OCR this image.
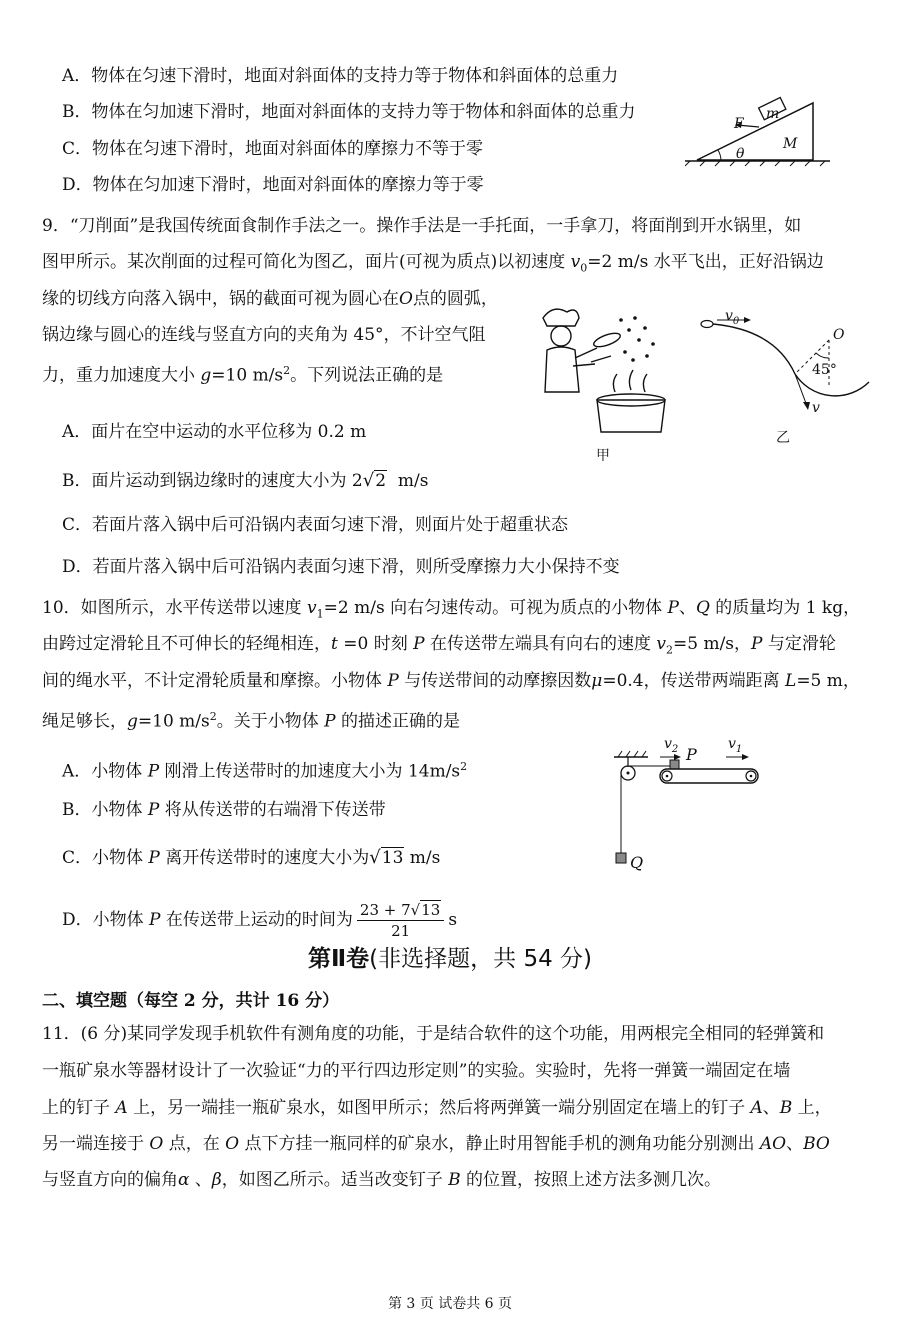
A．物体在匀速下滑时，地面对斜面体的支持力等于物体和斜面体的总重力
B．物体在匀加速下滑时，地面对斜面体的支持力等于物体和斜面体的总重力
C．物体在匀速下滑时，地面对斜面体的摩擦力不等于零
D．物体在匀加速下滑时，地面对斜面体的摩擦力等于零
F
m
M
θ
9．“刀削面”是我国传统面食制作手法之一。操作手法是一手托面，一手拿刀，将面削到开水锅里，如
图甲所示。某次削面的过程可简化为图乙，面片(可视为质点)以初速度 $v_0=2$ m/s 水平飞出，正好沿锅边
缘的切线方向落入锅中，锅的截面可视为圆心在O点的圆弧，
锅边缘与圆心的连线与竖直方向的夹角为 45°，不计空气阻
力，重力加速度大小 g=10 $m/s^2$。下列说法正确的是
A．面片在空中运动的水平位移为 0.2 m
B．面片运动到锅边缘时的速度大小为 2√2 m/s
C．若面片落入锅中后可沿锅内表面匀速下滑，则面片处于超重状态
D．若面片落入锅中后可沿锅内表面匀速下滑，则所受摩擦力大小保持不变
甲
$v_0$
O
45°
v
乙
10．如图所示，水平传送带以速度 $v_1=2$ m/s 向右匀速传动。可视为质点的小物体 P、Q 的质量均为 1 kg，
由跨过定滑轮且不可伸长的轻绳相连，t =0 时刻 P 在传送带左端具有向右的速度 $v_2=5$ m/s，P 与定滑轮
间的绳水平，不计定滑轮质量和摩擦。小物体 P 与传送带间的动摩擦因数μ=0.4，传送带两端距离 L=5 m，
绳足够长，g=10 $m/s^2$。关于小物体 P 的描述正确的是
A．小物体 P 刚滑上传送带时的加速度大小为 $14m/s^2$
B．小物体 P 将从传送带的右端滑下传送带
C．小物体 P 离开传送带时的速度大小为√13 m/s
D．小物体 P 在传送带上运动的时间为 $\frac{23 + 7√13}{21}$ s
$v_2$ P
$v_1$
Q
第Ⅱ卷(非选择题，共 54 分)
二、填空题（每空 2 分，共计 16 分）
11．(6 分)某同学发现手机软件有测角度的功能，于是结合软件的这个功能，用两根完全相同的轻弹簧和
一瓶矿泉水等器材设计了一次验证“力的平行四边形定则”的实验。实验时，先将一弹簧一端固定在墙
上的钉子 A 上，另一端挂一瓶矿泉水，如图甲所示；然后将两弹簧一端分别固定在墙上的钉子 A、B 上，
另一端连接于 O 点，在 O 点下方挂一瓶同样的矿泉水，静止时用智能手机的测角功能分别测出 AO、BO
与竖直方向的偏角α 、β，如图乙所示。适当改变钉子 B 的位置，按照上述方法多测几次。
第 3 页 试卷共 6 页
